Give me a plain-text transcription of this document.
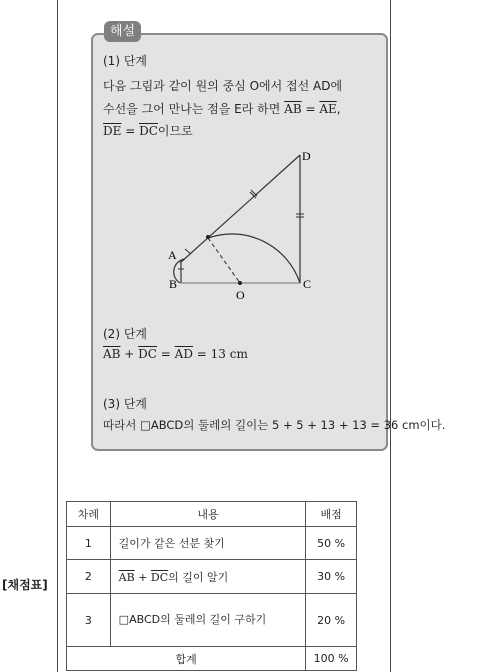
해설
(1) 단계
다음 그림과 같이 원의 중심 O에서 접선 AD에
수선을 그어 만나는 점을 E라 하면 $\overline{AB} = \overline{AE}$,
$\overline{DE} = \overline{DC}$이므로
A
B	C
D
O
(2) 단계
$\overline{AB} + \overline{DC} = \overline{AD} = 13$ cm
(3) 단계
따라서 □ABCD의 둘레의 길이는 5 + 5 + 13 + 13 = 36 cm이다.
[채점표]
차례	내용	배점
1	길이가 같은 선분 찾기	50 %
2	$\overline{AB} + \overline{DC}$의 길이 알기	30 %
3	□ABCD의 둘레의 길이 구하기	20 %
합계		100 %
